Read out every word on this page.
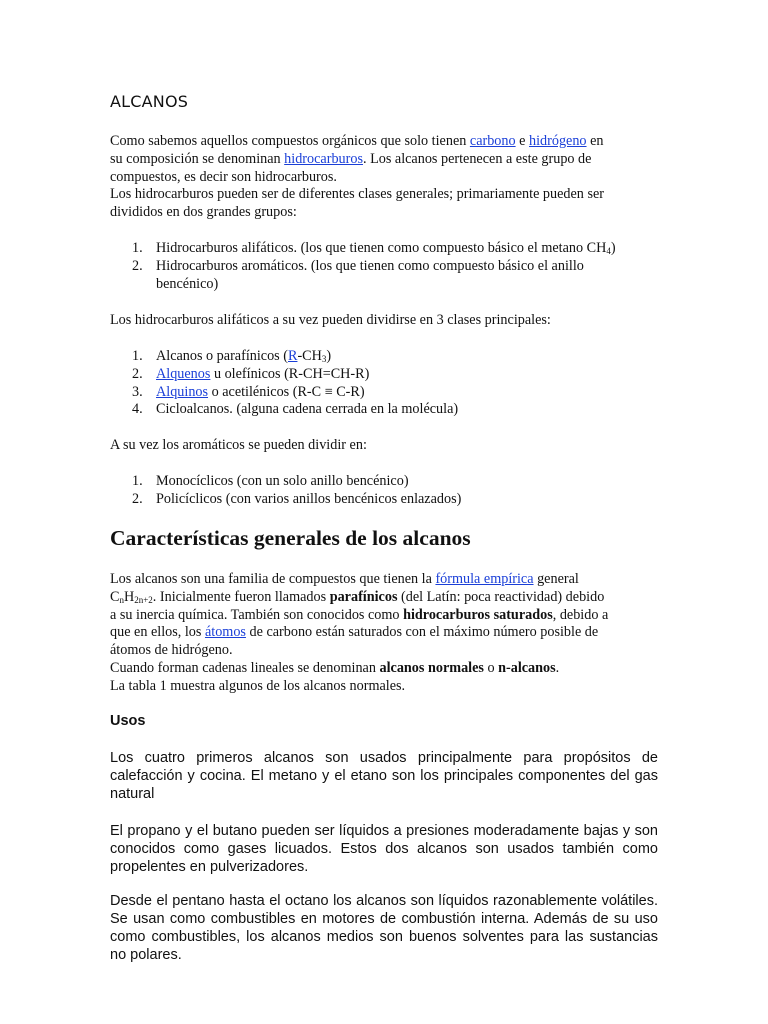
ALCANOS
Como sabemos aquellos compuestos orgánicos que solo tienen carbono e hidrógeno en
su composición se denominan hidrocarburos. Los alcanos pertenecen a este grupo de
compuestos, es decir son hidrocarburos.
Los hidrocarburos pueden ser de diferentes clases generales; primariamente pueden ser
divididos en dos grandes grupos:
1. Hidrocarburos alifáticos. (los que tienen como compuesto básico el metano $CH_4$)
2. Hidrocarburos aromáticos. (los que tienen como compuesto básico el anillo
bencénico)
Los hidrocarburos alifáticos a su vez pueden dividirse en 3 clases principales:
1. Alcanos o parafínicos $(R-CH_3)$
2. Alquenos u olefínicos (R-CH=CH-R)
3. Alquinos o acetilénicos (R-C ≡ C-R)
4. Cicloalcanos. (alguna cadena cerrada en la molécula)
A su vez los aromáticos se pueden dividir en:
1. Monocíclicos (con un solo anillo bencénico)
2. Policíclicos (con varios anillos bencénicos enlazados)
Características generales de los alcanos
Los alcanos son una familia de compuestos que tienen la fórmula empírica general
$C_nH_{2n+2}$. Inicialmente fueron llamados parafínicos (del Latín: poca reactividad) debido
a su inercia química. También son conocidos como hidrocarburos saturados, debido a
que en ellos, los átomos de carbono están saturados con el máximo número posible de
átomos de hidrógeno.
Cuando forman cadenas lineales se denominan alcanos normales o n-alcanos.
La tabla 1 muestra algunos de los alcanos normales.
Usos
Los cuatro primeros alcanos son usados principalmente para propósitos de calefacción y cocina. El metano y el etano son los principales componentes del gas natural
El propano y el butano pueden ser líquidos a presiones moderadamente bajas y son conocidos como gases licuados. Estos dos alcanos son usados también como propelentes en pulverizadores.
Desde el pentano hasta el octano los alcanos son líquidos razonablemente volátiles. Se usan como combustibles en motores de combustión interna. Además de su uso como combustibles, los alcanos medios son buenos solventes para las sustancias no polares.
